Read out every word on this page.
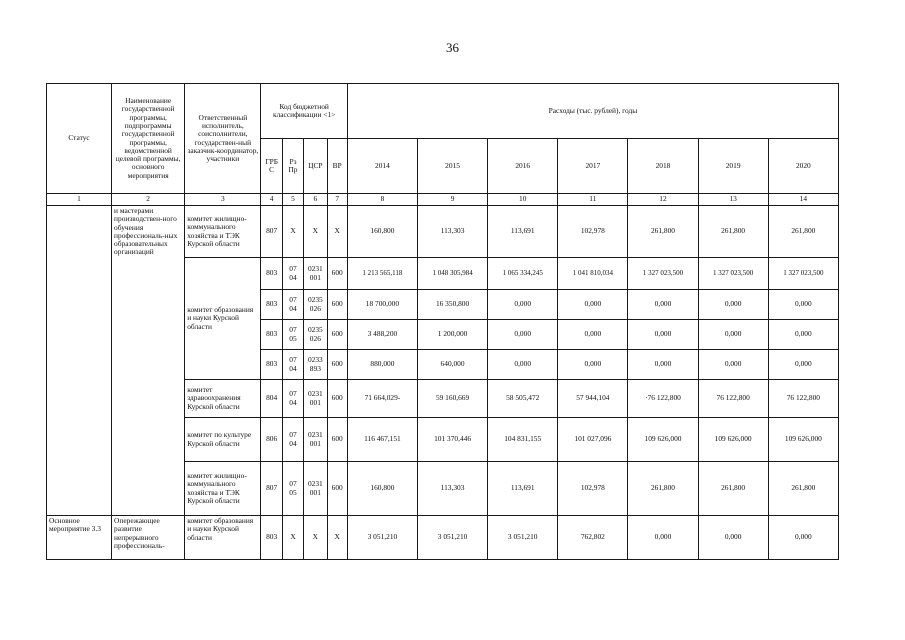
36
Статус	Наименование государственной программы, подпрограммы государственной программы, ведомственной целевой программы, основного мероприятия	Ответственный исполнитель, соисполнители, государствен-ный заказчик-координатор, участники	Код бюджетной классификации <1>				Расходы (тыс. рублей), годы						
			ГРБ С	Рз Пр	ЦСР	ВР	2014	2015	2016	2017	2018	2019	2020
1	2	3	4	5	6	7	8	9	10	11	12	13	14
	и мастерами производствен-ного обучения профессиональ-ных образовательных организаций	комитет жилищно-коммунального хозяйства и ТЭК Курской области	807	Х	Х	Х	160,800	113,303	113,691	102,978	261,800	261,800	261,800
		комитет образования и науки Курской области	803	07 04	0231 001	600	1 213 565,118	1 048 305,984	1 065 334,245	1 041 810,034	1 327 023,500	1 327 023,500	1 327 023,500
			803	07 04	0235 026	600	18 700,000	16 350,800	0,000	0,000	0,000	0,000	0,000
			803	07 05	0235 026	600	3 488,200	1 200,000	0,000	0,000	0,000	0,000	0,000
			803	07 04	0233 893	600	880,000	640,000	0,000	0,000	0,000	0,000	0,000
		комитет здравоохранения Курской области	804	07 04	0231 001	600	71 664,029-	59 160,669	58 505,472	57 944,104	·76 122,800	76 122,800	76 122,800
		комитет по культуре Курской области	806	07 04	0231 001	600	116 467,151	101 370,446	104 831,155	101 027,096	109 626,000	109 626,000	109 626,000
		комитет жилищно-коммунального хозяйства и ТЭК Курской области	807	07 05	0231 001	600	160,800	113,303	113,691	102,978	261,800	261,800	261,800
Основное мероприятие 3.3	Опережающее развитие непрерывного профессиональ-	комитет образования и науки Курской области	803	Х	Х	Х	3 051,210	3 051,210	3 051,210	762,802	0,000	0,000	0,000
